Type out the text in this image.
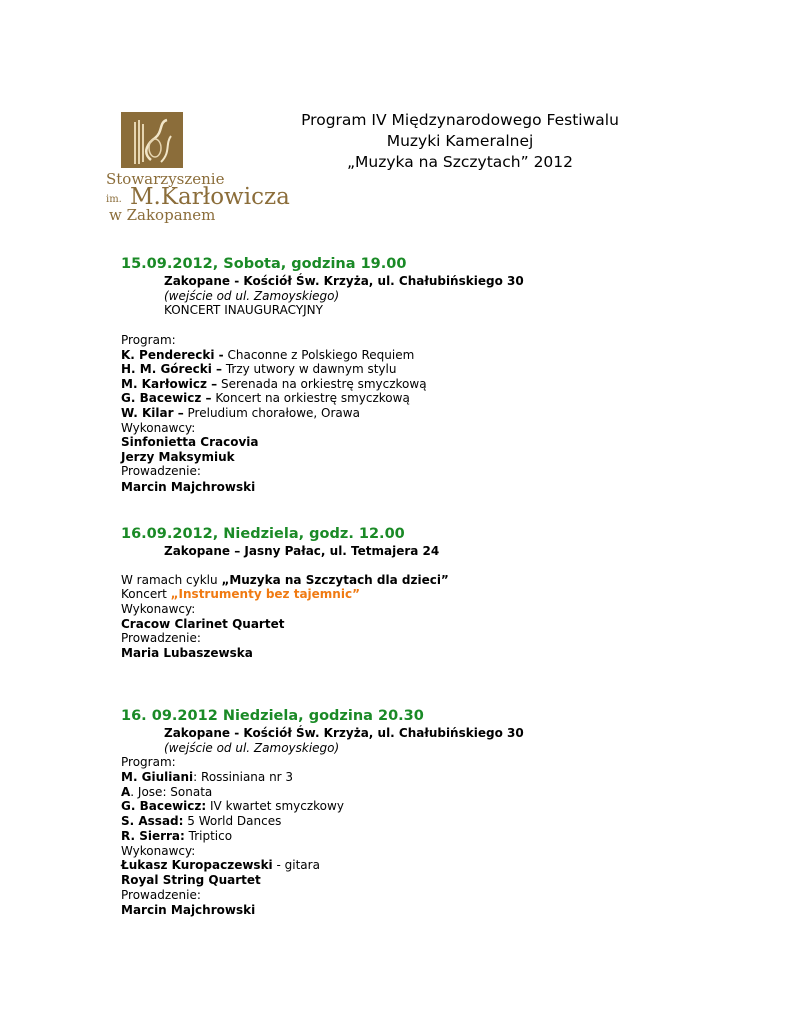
Stowarzyszenie
im. M.Karłowicza
w Zakopanem
Program IV Międzynarodowego Festiwalu
Muzyki Kameralnej
„Muzyka na Szczytach” 2012
15.09.2012, Sobota, godzina 19.00
Zakopane - Kościół Św. Krzyża, ul. Chałubińskiego 30
(wejście od ul. Zamoyskiego)
KONCERT INAUGURACYJNY
Program:
K. Penderecki - Chaconne z Polskiego Requiem
H. M. Górecki – Trzy utwory w dawnym stylu
M. Karłowicz – Serenada na orkiestrę smyczkową
G. Bacewicz – Koncert na orkiestrę smyczkową
W. Kilar – Preludium chorałowe, Orawa
Wykonawcy:
Sinfonietta Cracovia
Jerzy Maksymiuk
Prowadzenie:
Marcin Majchrowski
16.09.2012, Niedziela, godz. 12.00
Zakopane – Jasny Pałac, ul. Tetmajera 24
W ramach cyklu „Muzyka na Szczytach dla dzieci”
Koncert „Instrumenty bez tajemnic”
Wykonawcy:
Cracow Clarinet Quartet
Prowadzenie:
Maria Lubaszewska
16. 09.2012 Niedziela, godzina 20.30
Zakopane - Kościół Św. Krzyża, ul. Chałubińskiego 30
(wejście od ul. Zamoyskiego)
Program:
M. Giuliani: Rossiniana nr 3
A. Jose: Sonata
G. Bacewicz: IV kwartet smyczkowy
S. Assad: 5 World Dances
R. Sierra: Triptico
Wykonawcy:
Łukasz Kuropaczewski - gitara
Royal String Quartet
Prowadzenie:
Marcin Majchrowski
